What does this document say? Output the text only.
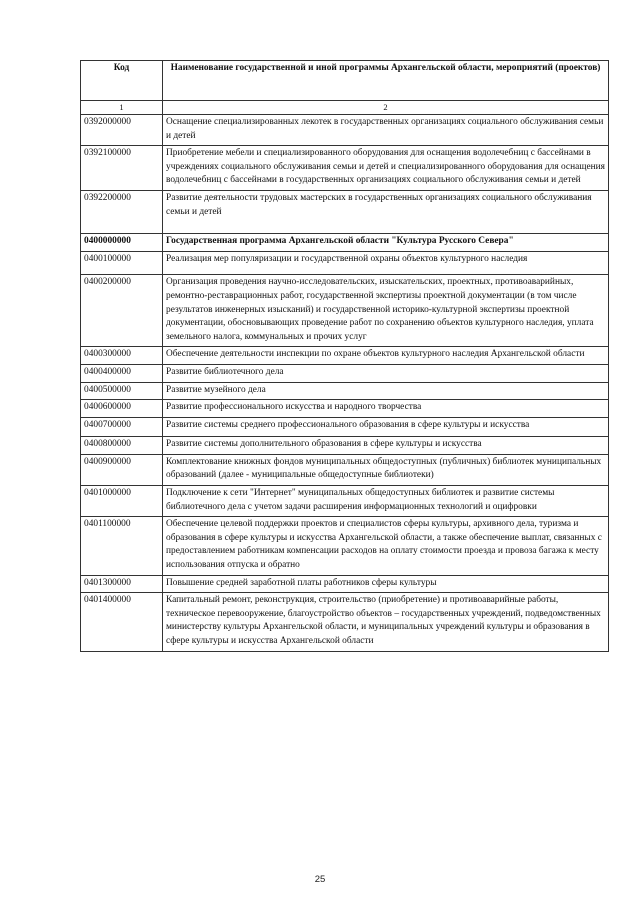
Код	Наименование государственной и иной программы Архангельской области, мероприятий (проектов)
1	2
0392000000	Оснащение специализированных лекотек в государственных организациях социального обслуживания семьи и детей
0392100000	Приобретение мебели и специализированного оборудования для оснащения водолечебниц с бассейнами в учреждениях социального обслуживания семьи и детей и специализированного оборудования для оснащения водолечебниц с бассейнами в государственных организациях социального обслуживания семьи и детей
0392200000	Развитие деятельности трудовых мастерских в государственных организациях социального обслуживания семьи и детей
0400000000	Государственная программа Архангельской области "Культура Русского Севера"
0400100000	Реализация мер популяризации и государственной охраны объектов культурного наследия
0400200000	Организация проведения научно-исследовательских, изыскательских, проектных, противоаварийных, ремонтно-реставрационных работ, государственной экспертизы проектной документации (в том числе результатов инженерных изысканий) и государственной историко-культурной экспертизы проектной документации, обосновывающих проведение работ по сохранению объектов культурного наследия, уплата земельного налога, коммунальных и прочих услуг
0400300000	Обеспечение деятельности инспекции по охране объектов культурного наследия Архангельской области
0400400000	Развитие библиотечного дела
0400500000	Развитие музейного дела
0400600000	Развитие профессионального искусства и народного творчества
0400700000	Развитие системы среднего профессионального образования в сфере культуры и искусства
0400800000	Развитие системы дополнительного образования в сфере культуры и искусства
0400900000	Комплектование книжных фондов муниципальных общедоступных (публичных) библиотек муниципальных образований (далее - муниципальные общедоступные библиотеки)
0401000000	Подключение к сети "Интернет" муниципальных общедоступных библиотек и развитие системы библиотечного дела с учетом задачи расширения информационных технологий и оцифровки
0401100000	Обеспечение целевой поддержки проектов и специалистов сферы культуры, архивного дела, туризма и образования в сфере культуры и искусства Архангельской области, а также обеспечение выплат, связанных с предоставлением работникам компенсации расходов на оплату стоимости проезда и провоза багажа к месту использования отпуска и обратно
0401300000	Повышение средней заработной платы работников сферы культуры
0401400000	Капитальный ремонт, реконструкция, строительство (приобретение) и противоаварийные работы, техническое перевооружение, благоустройство объектов – государственных учреждений, подведомственных министерству культуры Архангельской области, и муниципальных учреждений культуры и образования в сфере культуры и искусства Архангельской области
25
